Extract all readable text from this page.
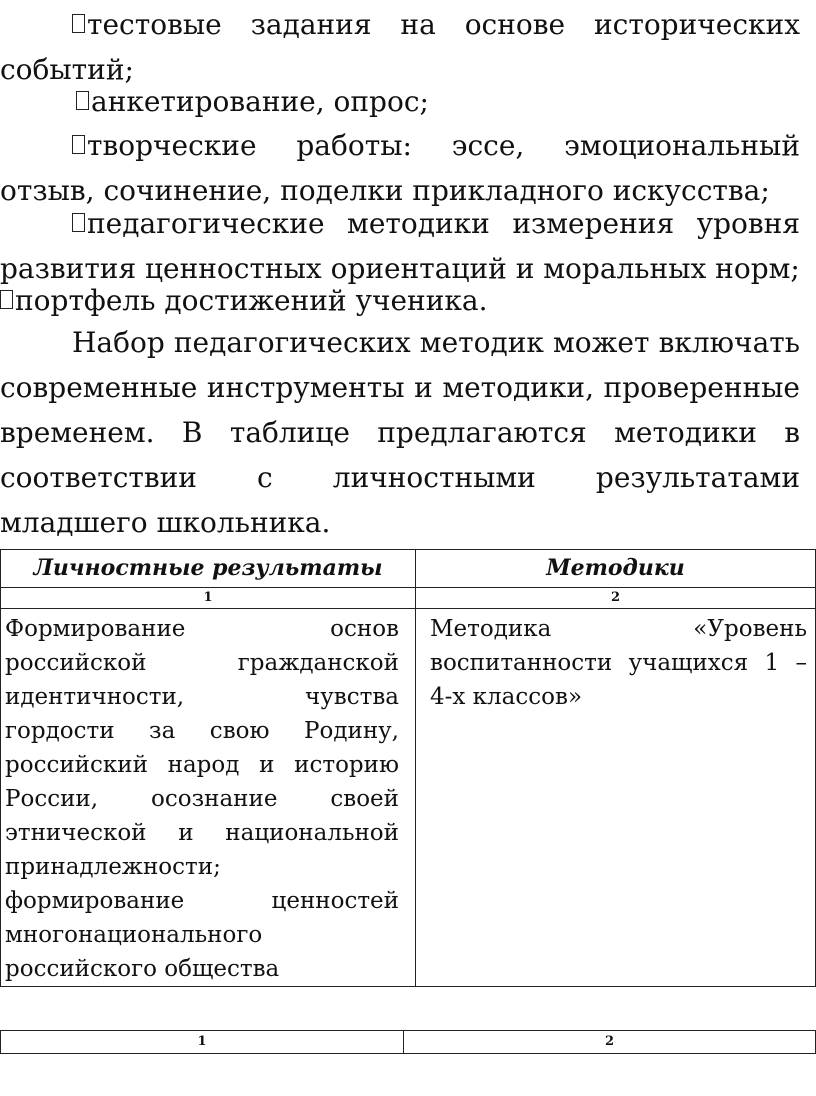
тестовые задания на основе исторических событий;

анкетирование, опрос;

творческие работы: эссе, эмоциональный отзыв, сочинение, поделки прикладного искусства;

педагогические методики измерения уровня развития ценностных ориентаций и моральных норм;

портфель достижений ученика.

Набор педагогических методик может включать современные инструменты и методики, проверенные временем. В таблице предлагаются методики в соответствии с личностными результатами младшего школьника.

Личностные результаты	Методики
1	2
Формирование основ российской гражданской идентичности, чувства гордости за свою Родину, российский народ и историю России, осознание своей этнической и национальной принадлежности; формирование ценностей многонационального российского общества	Методика «Уровень воспитанности учащихся 1 – 4-х классов»
1	2
